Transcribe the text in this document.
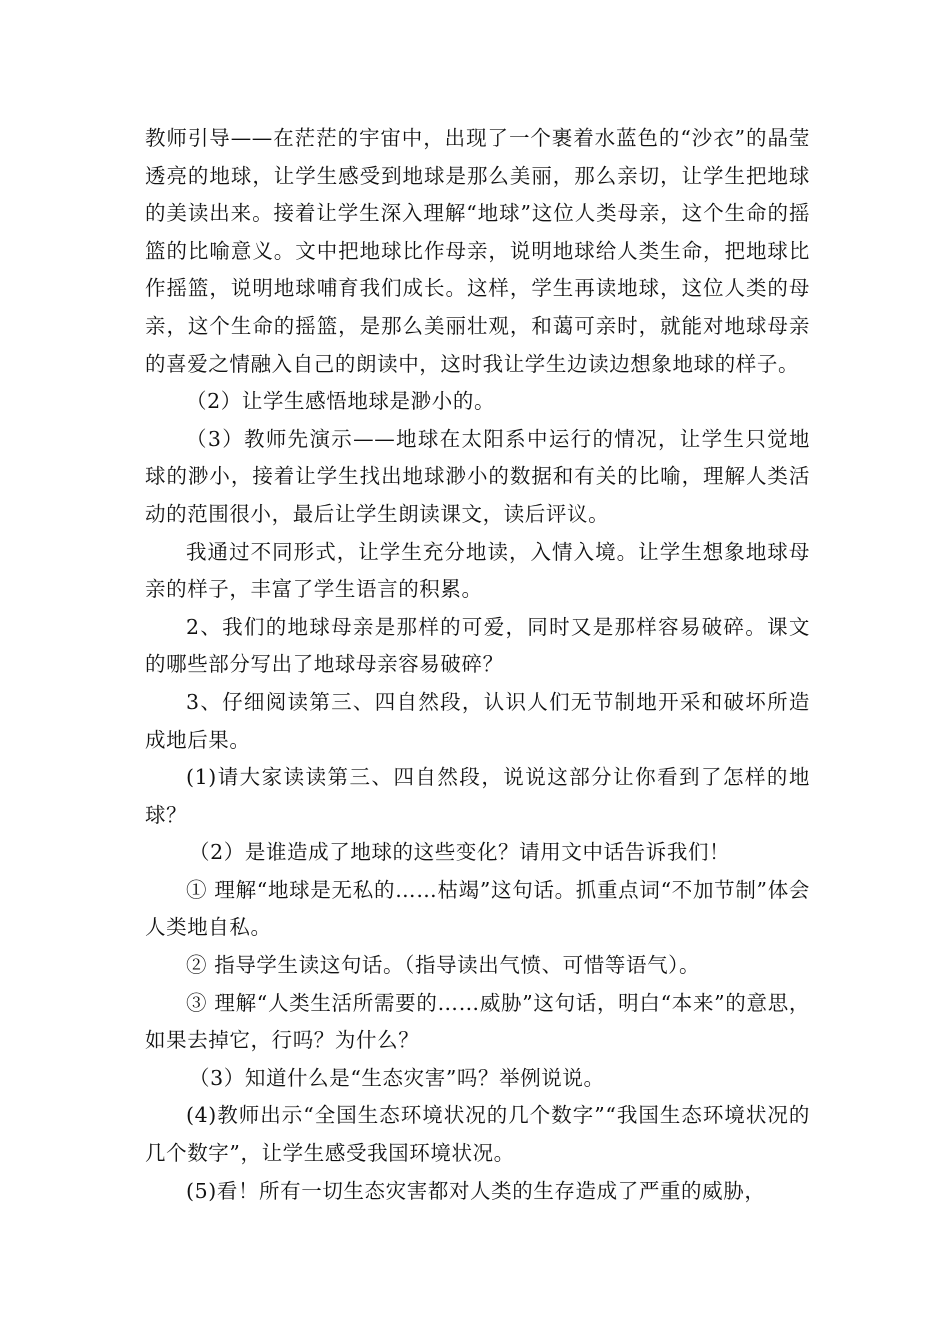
教师引导——在茫茫的宇宙中，出现了一个裹着水蓝色的“沙衣”的晶莹透亮的地球，让学生感受到地球是那么美丽，那么亲切，让学生把地球的美读出来。接着让学生深入理解“地球”这位人类母亲，这个生命的摇篮的比喻意义。文中把地球比作母亲，说明地球给人类生命，把地球比作摇篮，说明地球哺育我们成长。这样，学生再读地球，这位人类的母亲，这个生命的摇篮，是那么美丽壮观，和蔼可亲时，就能对地球母亲的喜爱之情融入自己的朗读中，这时我让学生边读边想象地球的样子。

（2）让学生感悟地球是渺小的。

（3）教师先演示——地球在太阳系中运行的情况，让学生只觉地球的渺小，接着让学生找出地球渺小的数据和有关的比喻，理解人类活动的范围很小，最后让学生朗读课文，读后评议。

我通过不同形式，让学生充分地读，入情入境。让学生想象地球母亲的样子，丰富了学生语言的积累。

2、我们的地球母亲是那样的可爱，同时又是那样容易破碎。课文的哪些部分写出了地球母亲容易破碎？

3、仔细阅读第三、四自然段，认识人们无节制地开采和破坏所造成地后果。

(1)请大家读读第三、四自然段，说说这部分让你看到了怎样的地球？

（2）是谁造成了地球的这些变化？请用文中话告诉我们！

① 理解“地球是无私的……枯竭”这句话。抓重点词“不加节制”体会人类地自私。

② 指导学生读这句话。（指导读出气愤、可惜等语气）。

③ 理解“人类生活所需要的……威胁”这句话，明白“本来”的意思，如果去掉它，行吗？为什么？

（3）知道什么是“生态灾害”吗？举例说说。

(4)教师出示“全国生态环境状况的几个数字”“我国生态环境状况的几个数字”，让学生感受我国环境状况。

(5)看！所有一切生态灾害都对人类的生存造成了严重的威胁，
